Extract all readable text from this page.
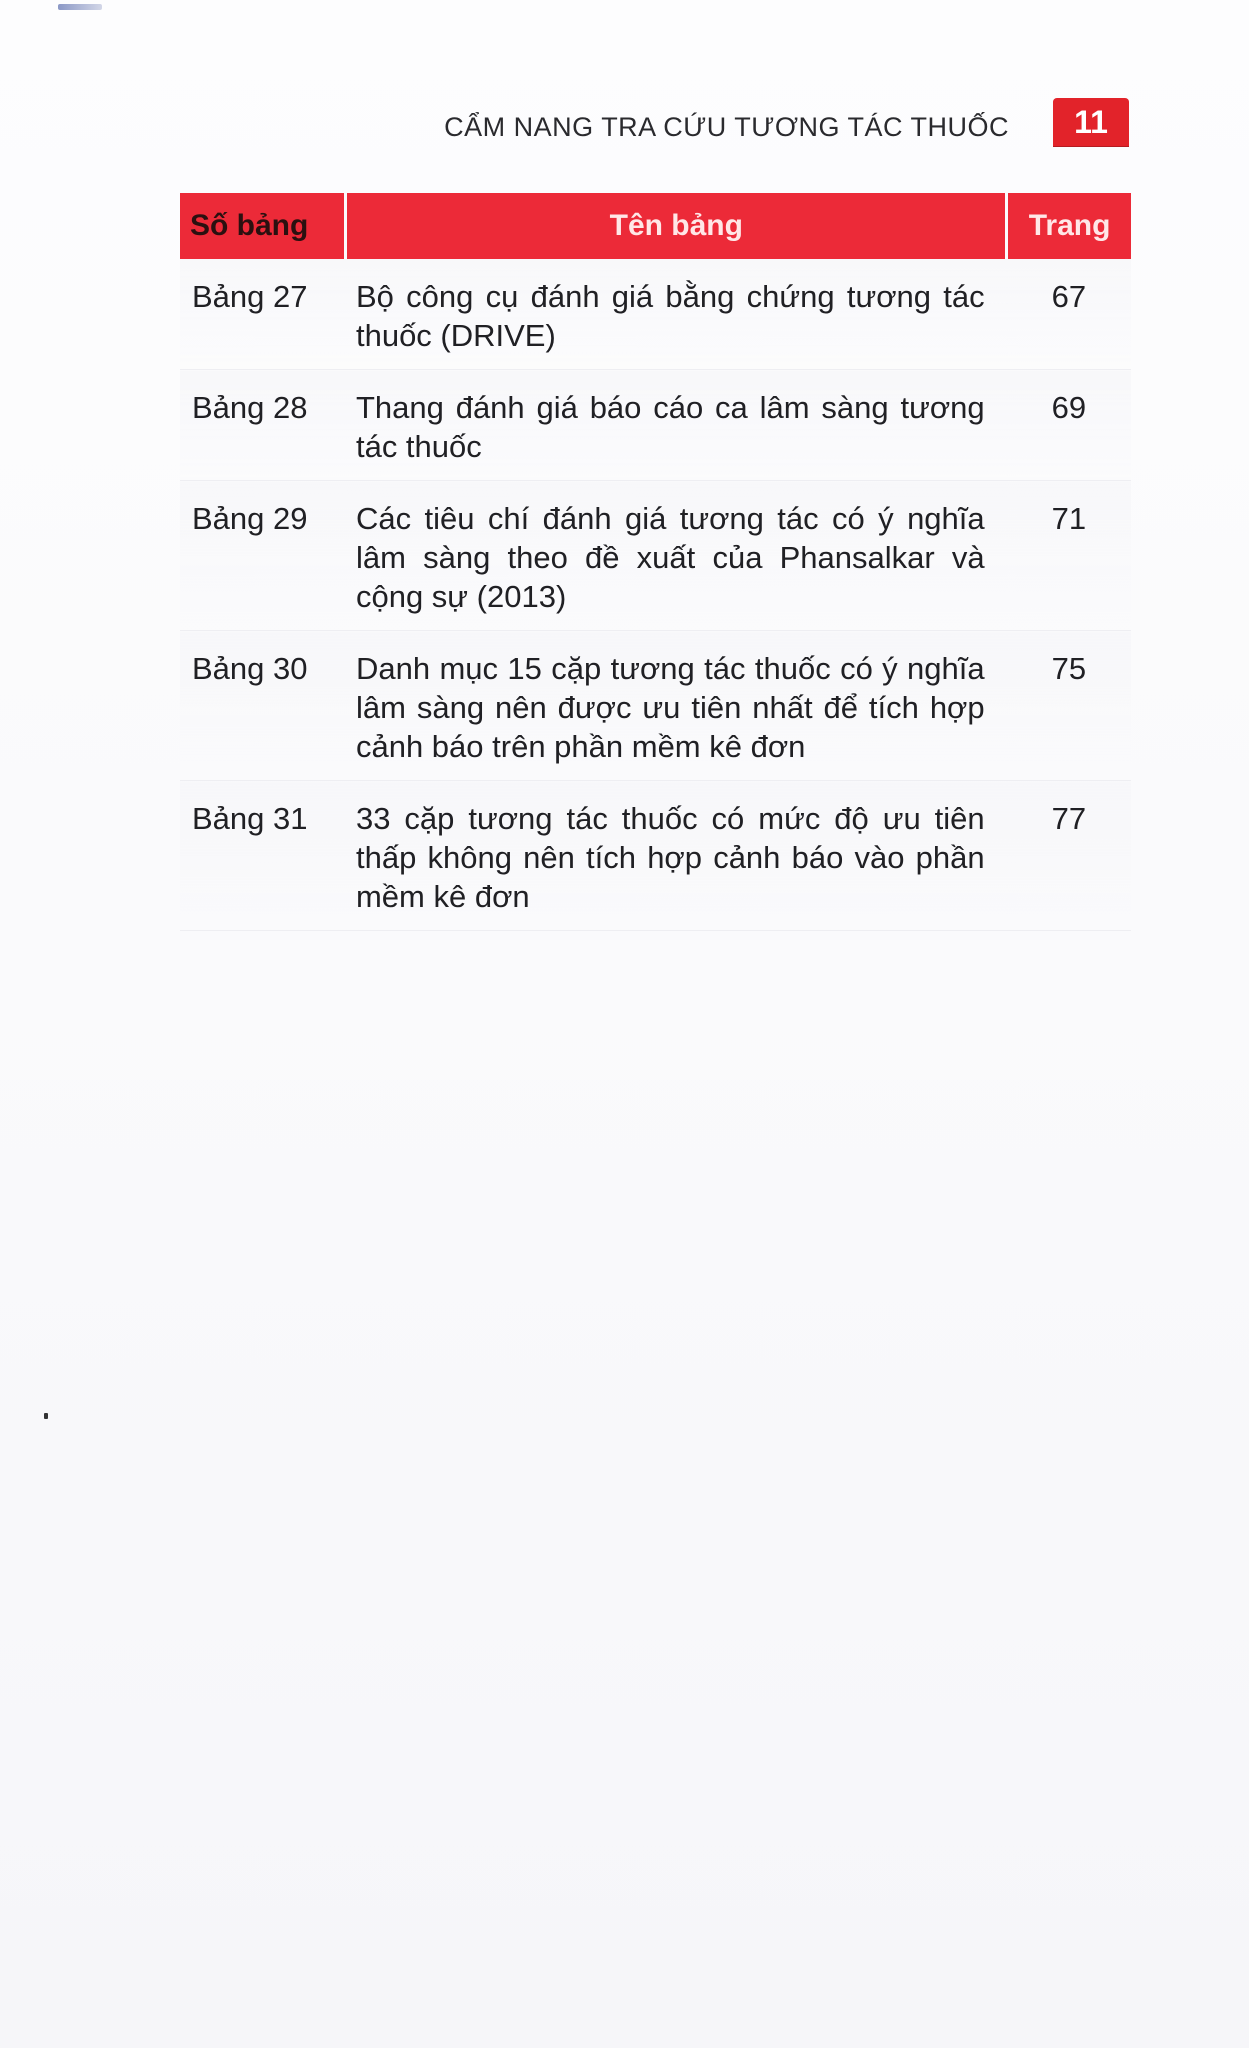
CẨM NANG TRA CỨU TƯƠNG TÁC THUỐC	11
Số bảng	Tên bảng	Trang
Bảng 27	Bộ công cụ đánh giá bằng chứng tương tác thuốc (DRIVE)	67
Bảng 28	Thang đánh giá báo cáo ca lâm sàng tương tác thuốc	69
Bảng 29	Các tiêu chí đánh giá tương tác có ý nghĩa lâm sàng theo đề xuất của Phansalkar và cộng sự (2013)	71
Bảng 30	Danh mục 15 cặp tương tác thuốc có ý nghĩa lâm sàng nên được ưu tiên nhất để tích hợp cảnh báo trên phần mềm kê đơn	75
Bảng 31	33 cặp tương tác thuốc có mức độ ưu tiên thấp không nên tích hợp cảnh báo vào phần mềm kê đơn	77
